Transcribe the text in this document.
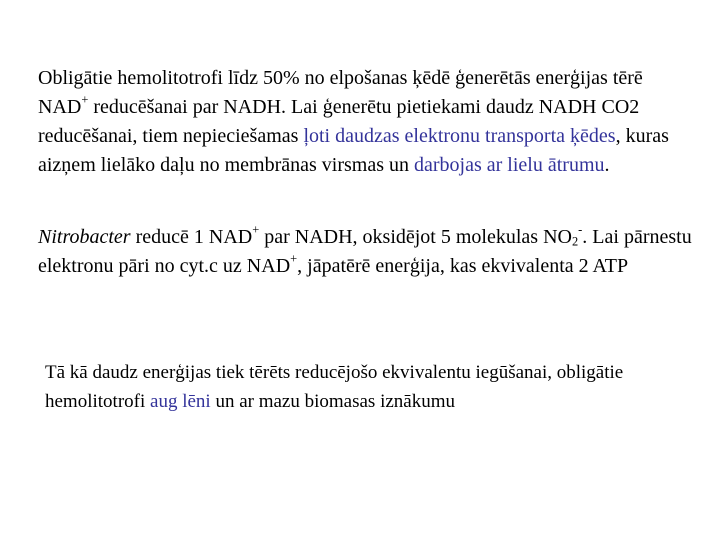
Obligātie hemolitotrofi līdz 50% no elpošanas ķēdē ģenerētās enerģijas tērē NAD+ reducēšanai par NADH. Lai ģenerētu pietiekami daudz NADH CO2 reducēšanai, tiem nepieciešamas ļoti daudzas elektronu transporta ķēdes, kuras aizņem lielāko daļu no membrānas virsmas un darbojas ar lielu ātrumu.

Nitrobacter reducē 1 NAD+ par NADH, oksidējot 5 molekulas $NO_2^-$. Lai pārnestu elektronu pāri no cyt.c uz NAD+, jāpatērē enerģija, kas ekvivalenta 2 ATP

Tā kā daudz enerģijas tiek tērēts reducējošo ekvivalentu iegūšanai, obligātie hemolitotrofi aug lēni un ar mazu biomasas iznākumu
